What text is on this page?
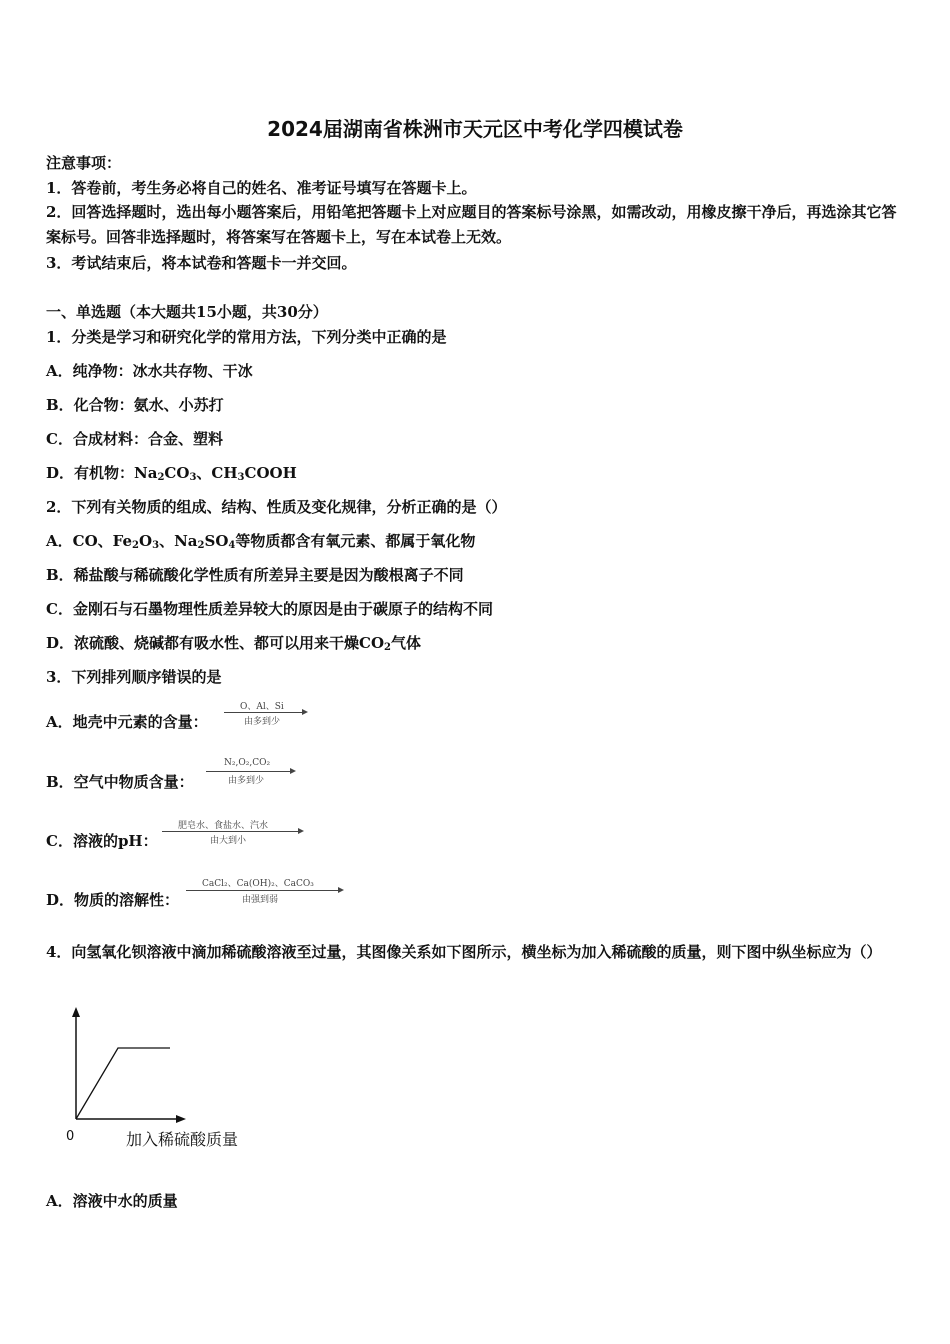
2024届湖南省株洲市天元区中考化学四模试卷
注意事项：
1．答卷前，考生务必将自己的姓名、准考证号填写在答题卡上。
2．回答选择题时，选出每小题答案后，用铅笔把答题卡上对应题目的答案标号涂黑，如需改动，用橡皮擦干净后，再选涂其它答案标号。回答非选择题时，将答案写在答题卡上，写在本试卷上无效。
3．考试结束后，将本试卷和答题卡一并交回。
一、单选题（本大题共15小题，共30分）
1．分类是学习和研究化学的常用方法，下列分类中正确的是
A．纯净物：冰水共存物、干冰
B．化合物：氨水、小苏打
C．合成材料：合金、塑料
D．有机物：$Na_2CO_3$、$CH_3COOH$
2．下列有关物质的组成、结构、性质及变化规律，分析正确的是（）
A．CO、$Fe_2O_3$、$Na_2SO_4$等物质都含有氧元素、都属于氧化物
B．稀盐酸与稀硫酸化学性质有所差异主要是因为酸根离子不同
C．金刚石与石墨物理性质差异较大的原因是由于碳原子的结构不同
D．浓硫酸、烧碱都有吸水性、都可以用来干燥$CO_2$气体
3．下列排列顺序错误的是
A．地壳中元素的含量：
O、Al、Si
由多到少
B．空气中物质含量：
N₂,O₂,CO₂
由多到少
C．溶液的pH：
肥皂水、食盐水、汽水
由大到小
D．物质的溶解性：
CaCl₂、Ca(OH)₂、CaCO₃
由强到弱
4．向氢氧化钡溶液中滴加稀硫酸溶液至过量，其图像关系如下图所示，横坐标为加入稀硫酸的质量，则下图中纵坐标应为（）
0	加入稀硫酸质量
A．溶液中水的质量
